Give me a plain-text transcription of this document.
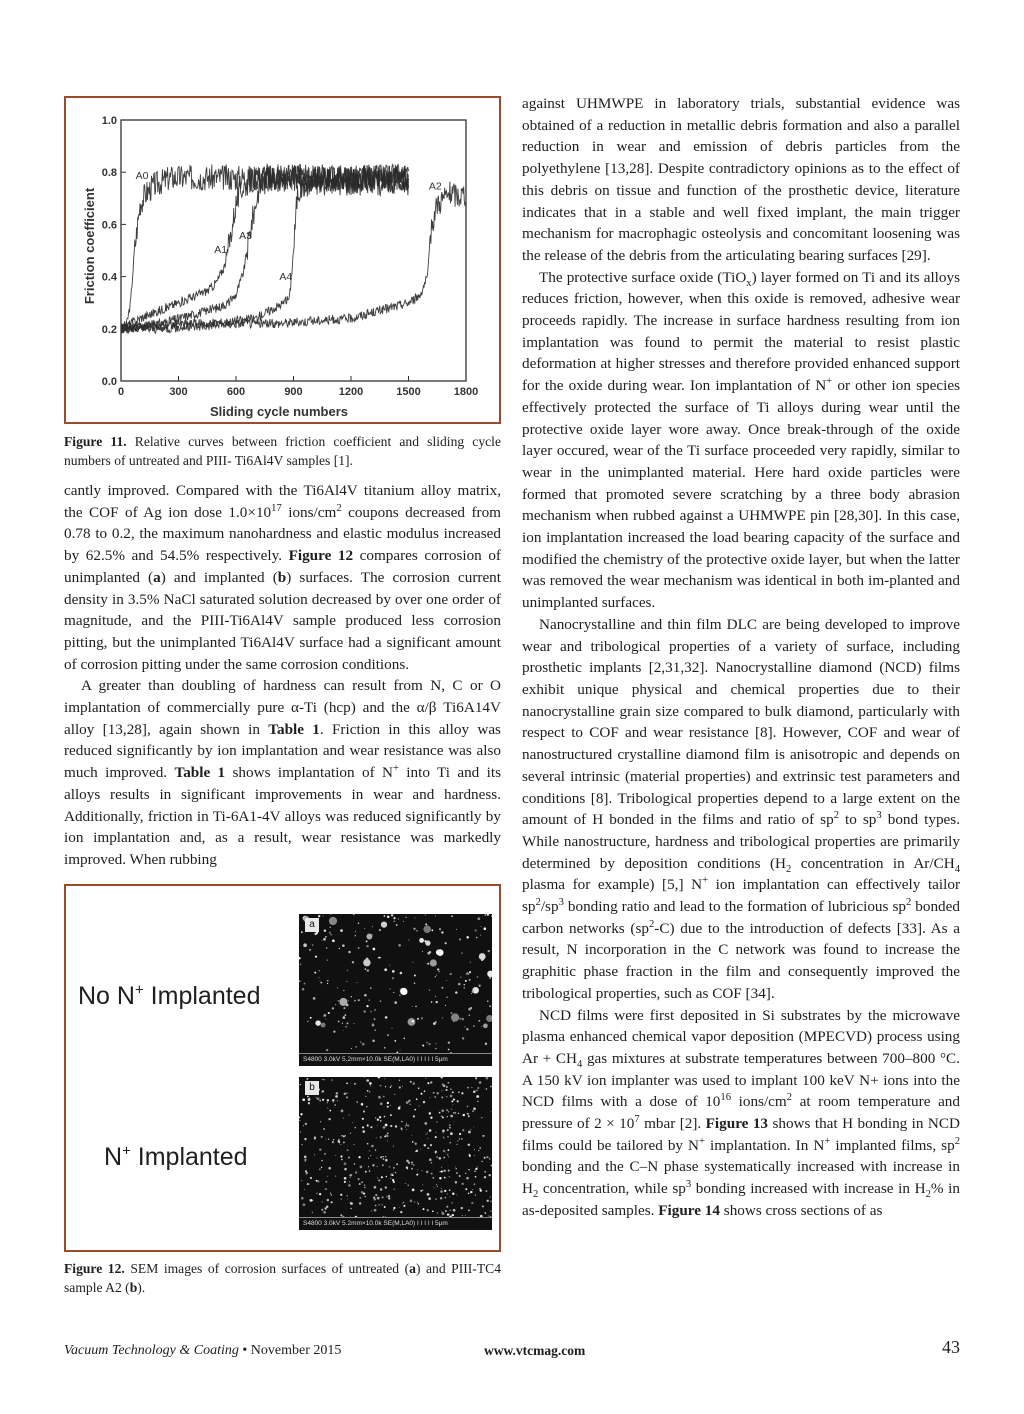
A0
A1
A3
A4
A2
0	300	600	900	1200	1500	1800
0.0
0.2
0.4
0.6
0.8
1.0
Friction coefficient
Sliding cycle numbers
Figure 11. Relative curves between friction coefficient and sliding cycle numbers of untreated and PIII- Ti6Al4V samples [1].

cantly improved. Compared with the Ti6Al4V titanium alloy matrix, the COF of Ag ion dose $1.0\times 10^{17}$ ions/$cm^2$ coupons decreased from 0.78 to 0.2, the maximum nanohardness and elastic modulus increased by 62.5% and 54.5% respectively. Figure 12 compares corrosion of unimplanted (a) and implanted (b) surfaces. The corrosion current density in 3.5% NaCl saturated solution decreased by over one order of magnitude, and the PIII-Ti6Al4V sample produced less corrosion pitting, but the unimplanted Ti6Al4V surface had a significant amount of corrosion pitting under the same corrosion conditions.

A greater than doubling of hardness can result from N, C or O implantation of commercially pure α-Ti (hcp) and the α/β Ti6A14V alloy [13,28], again shown in Table 1. Friction in this alloy was reduced significantly by ion implantation and wear resistance was also much improved. Table 1 shows implantation of N+ into Ti and its alloys results in significant improvements in wear and hardness. Additionally, friction in Ti-6A1-4V alloys was reduced significantly by ion implantation and, as a result, wear resistance was markedly improved. When rubbing

No N+ Implanted
N+ Implanted
a
S4800 3.0kV 5.2mm×10.0k SE(M,LA0) I I I I I 5µm
b
S4800 3.0kV 5.2mm×10.0k SE(M,LA0) I I I I I 5µm
Figure 12. SEM images of corrosion surfaces of untreated (a) and PIII-TC4 sample A2 (b).

against UHMWPE in laboratory trials, substantial evidence was obtained of a reduction in metallic debris formation and also a parallel reduction in wear and emission of debris particles from the polyethylene [13,28]. Despite contradictory opinions as to the effect of this debris on tissue and function of the prosthetic device, literature indicates that in a stable and well fixed implant, the main trigger mechanism for macrophagic osteolysis and concomitant loosening was the release of the debris from the articulating bearing surfaces [29].

The protective surface oxide (TiO$_x$) layer formed on Ti and its alloys reduces friction, however, when this oxide is removed, adhesive wear proceeds rapidly. The increase in surface hardness resulting from ion implantation was found to permit the material to resist plastic deformation at higher stresses and therefore provided enhanced support for the oxide during wear. Ion implantation of N+ or other ion species effectively protected the surface of Ti alloys during wear until the protective oxide layer wore away. Once break-through of the oxide layer occured, wear of the Ti surface proceeded very rapidly, similar to wear in the unimplanted material. Here hard oxide particles were formed that promoted severe scratching by a three body abrasion mechanism when rubbed against a UHMWPE pin [28,30]. In this case, ion implantation increased the load bearing capacity of the surface and modified the chemistry of the protective oxide layer, but when the latter was removed the wear mechanism was identical in both im-planted and unimplanted surfaces.

Nanocrystalline and thin film DLC are being developed to improve wear and tribological properties of a variety of surface, including prosthetic implants [2,31,32]. Nanocrystalline diamond (NCD) films exhibit unique physical and chemical properties due to their nanocrystalline grain size compared to bulk diamond, particularly with respect to COF and wear resistance [8]. However, COF and wear of nanostructured crystalline diamond film is anisotropic and depends on several intrinsic (material properties) and extrinsic test parameters and conditions [8]. Tribological properties depend to a large extent on the amount of H bonded in the films and ratio of $sp^2$ to $sp^3$ bond types. While nanostructure, hardness and tribological properties are primarily determined by deposition conditions ($H_2$ concentration in $Ar/CH_4$ plasma for example) [5,] N+ ion implantation can effectively tailor $sp^2/sp^3$ bonding ratio and lead to the formation of lubricious $sp^2$ bonded carbon networks $(sp^2-C)$ due to the introduction of defects [33]. As a result, N incorporation in the C network was found to increase the graphitic phase fraction in the film and consequently improved the tribological properties, such as COF [34].

NCD films were first deposited in Si substrates by the microwave plasma enhanced chemical vapor deposition (MPECVD) process using $Ar + CH_4$ gas mixtures at substrate temperatures between 700–800 °C. A 150 kV ion implanter was used to implant 100 keV N+ ions into the NCD films with a dose of $10^{16}$ ions/$cm^2$ at room temperature and pressure of $2 \times 10^7$ mbar [2]. Figure 13 shows that H bonding in NCD films could be tailored by N+ implantation. In N+ implanted films, $sp^2$ bonding and the C–N phase systematically increased with increase in $H_2$ concentration, while $sp^3$ bonding increased with increase in $H_2\%$ in as-deposited samples. Figure 14 shows cross sections of as

Vacuum Technology & Coating • November 2015	www.vtcmag.com	43
